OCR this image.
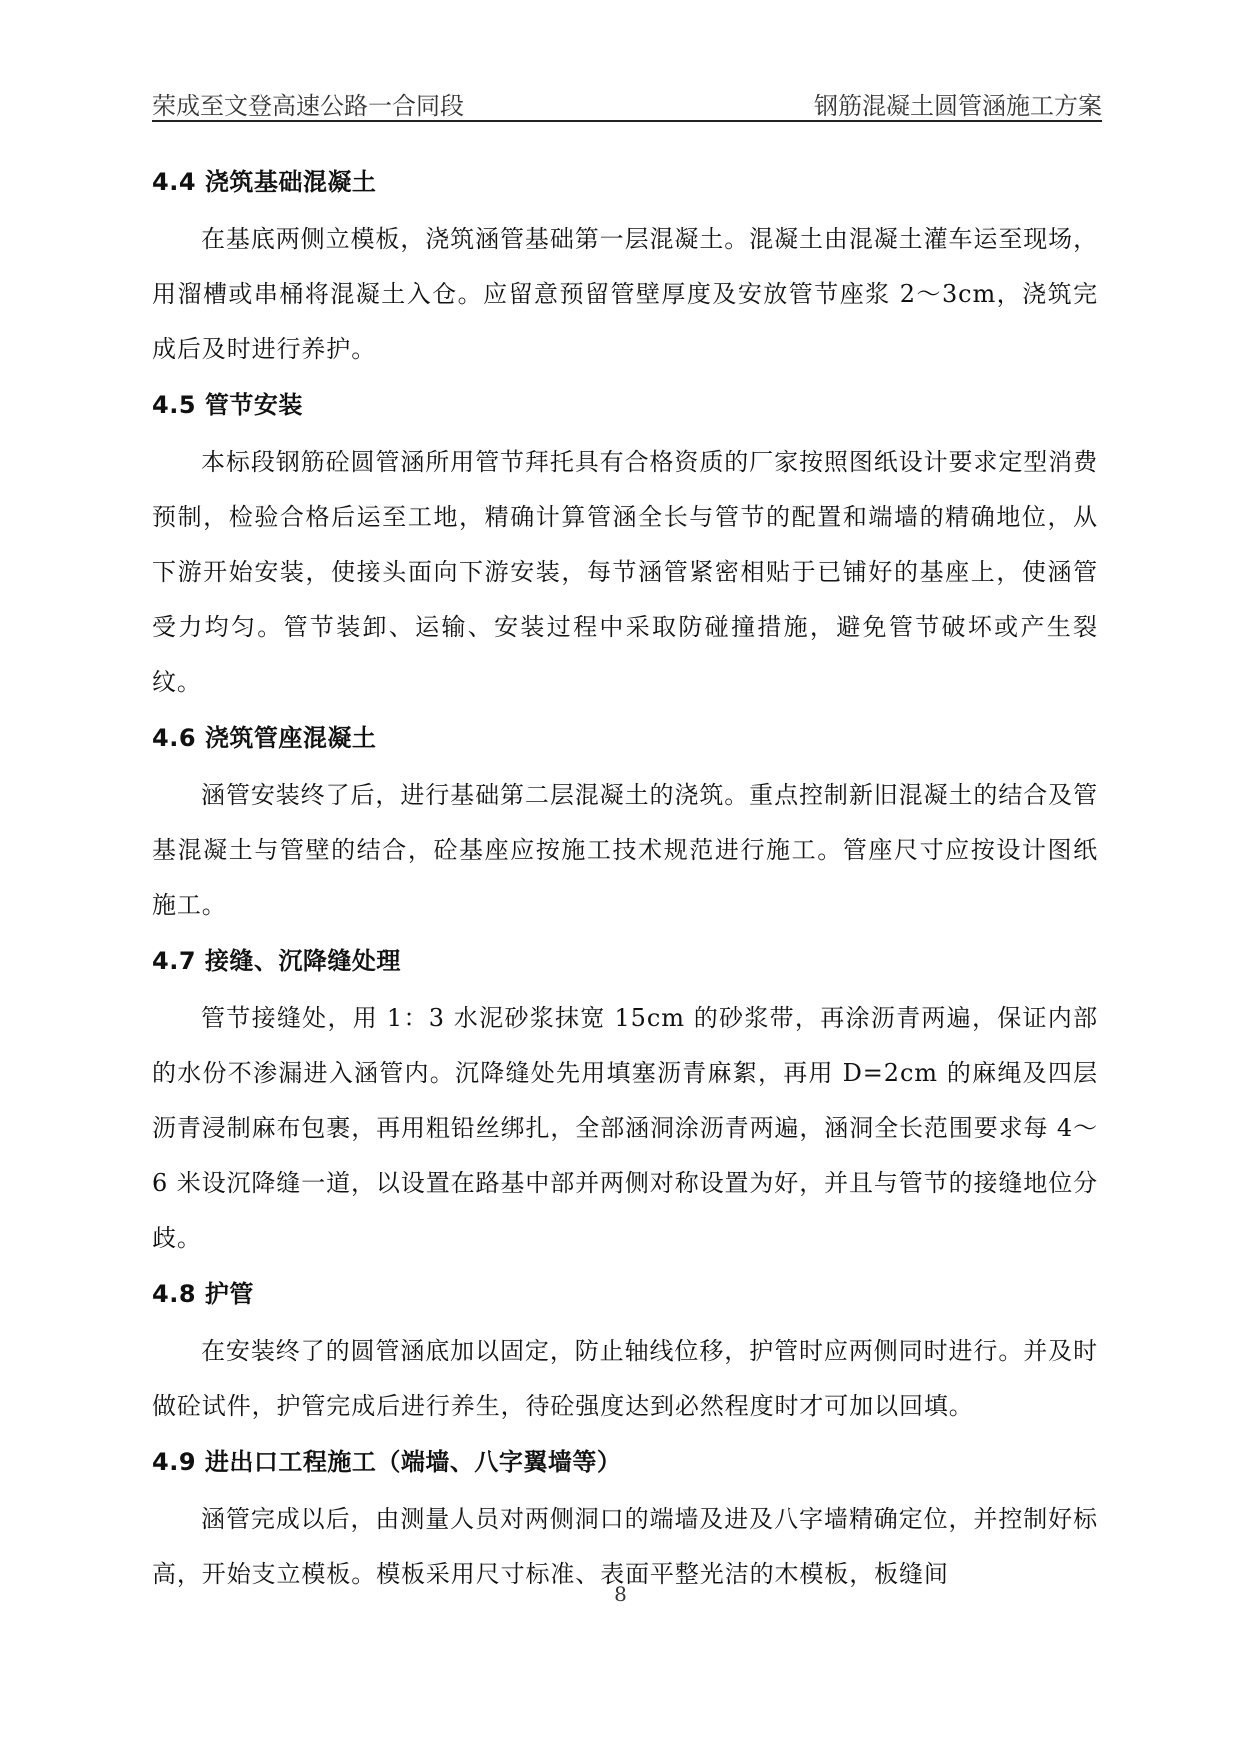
荣成至文登高速公路一合同段	钢筋混凝土圆管涵施工方案
4.4 浇筑基础混凝土

在基底两侧立模板，浇筑涵管基础第一层混凝土。混凝土由混凝土灌车运至现场，用溜槽或串桶将混凝土入仓。应留意预留管壁厚度及安放管节座浆 2～3cm，浇筑完成后及时进行养护。

4.5 管节安装

本标段钢筋砼圆管涵所用管节拜托具有合格资质的厂家按照图纸设计要求定型消费预制，检验合格后运至工地，精确计算管涵全长与管节的配置和端墙的精确地位，从下游开始安装，使接头面向下游安装，每节涵管紧密相贴于已铺好的基座上，使涵管受力均匀。管节装卸、运输、安装过程中采取防碰撞措施，避免管节破坏或产生裂纹。

4.6 浇筑管座混凝土

涵管安装终了后，进行基础第二层混凝土的浇筑。重点控制新旧混凝土的结合及管基混凝土与管壁的结合，砼基座应按施工技术规范进行施工。管座尺寸应按设计图纸施工。

4.7 接缝、沉降缝处理

管节接缝处，用 1：3 水泥砂浆抹宽 15cm 的砂浆带，再涂沥青两遍，保证内部的水份不渗漏进入涵管内。沉降缝处先用填塞沥青麻絮，再用 D=2cm 的麻绳及四层沥青浸制麻布包裹，再用粗铅丝绑扎，全部涵洞涂沥青两遍，涵洞全长范围要求每 4～6 米设沉降缝一道，以设置在路基中部并两侧对称设置为好，并且与管节的接缝地位分歧。

4.8 护管

在安装终了的圆管涵底加以固定，防止轴线位移，护管时应两侧同时进行。并及时做砼试件，护管完成后进行养生，待砼强度达到必然程度时才可加以回填。

4.9 进出口工程施工（端墙、八字翼墙等）

涵管完成以后，由测量人员对两侧洞口的端墙及进及八字墙精确定位，并控制好标高，开始支立模板。模板采用尺寸标准、表面平整光洁的木模板，板缝间

8
